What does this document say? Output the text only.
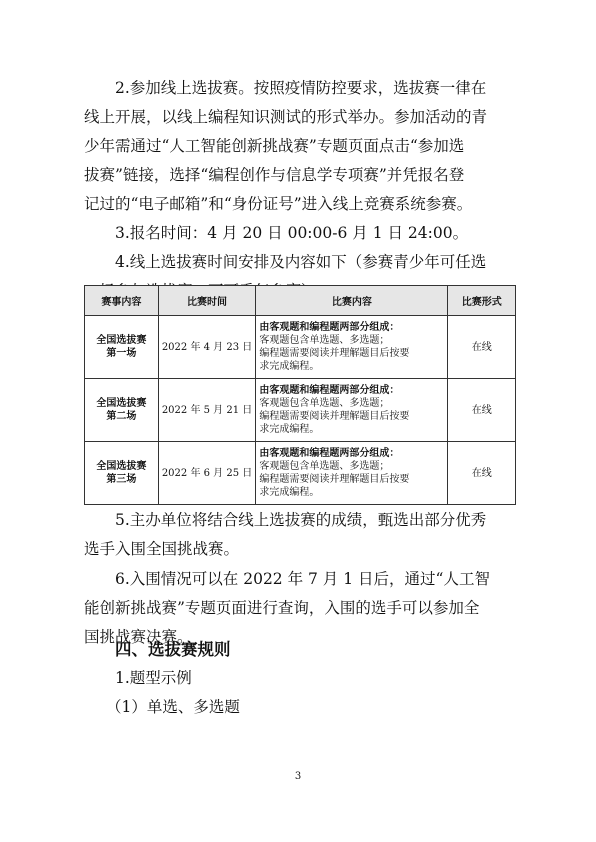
2.参加线上选拔赛。按照疫情防控要求，选拔赛一律在
线上开展，以线上编程知识测试的形式举办。参加活动的青
少年需通过“人工智能创新挑战赛”专题页面点击“参加选
拔赛”链接，选择“编程创作与信息学专项赛”并凭报名登
记过的“电子邮箱”和“身份证号”进入线上竞赛系统参赛。

3.报名时间：4 月 20 日 00:00-6 月 1 日 24:00。

4.线上选拔赛时间安排及内容如下（参赛青少年可任选

赛事内容	比赛时间	比赛内容	比赛形式
全国选拔赛
第一场	2022 年 4 月 23 日	由客观题和编程题两部分组成：
客观题包含单选题、多选题；
编程题需要阅读并理解题目后按要
求完成编程。	在线
全国选拔赛
第二场	2022 年 5 月 21 日	由客观题和编程题两部分组成：
客观题包含单选题、多选题；
编程题需要阅读并理解题目后按要
求完成编程。	在线
全国选拔赛
第三场	2022 年 6 月 25 日	由客观题和编程题两部分组成：
客观题包含单选题、多选题；
编程题需要阅读并理解题目后按要
求完成编程。	在线

5.主办单位将结合线上选拔赛的成绩，甄选出部分优秀
选手入围全国挑战赛。

6.入围情况可以在 2022 年 7 月 1 日后，通过“人工智
能创新挑战赛”专题页面进行查询，入围的选手可以参加全
国挑战赛决赛。

四、选拔赛规则

1.题型示例
（1）单选、多选题

3
